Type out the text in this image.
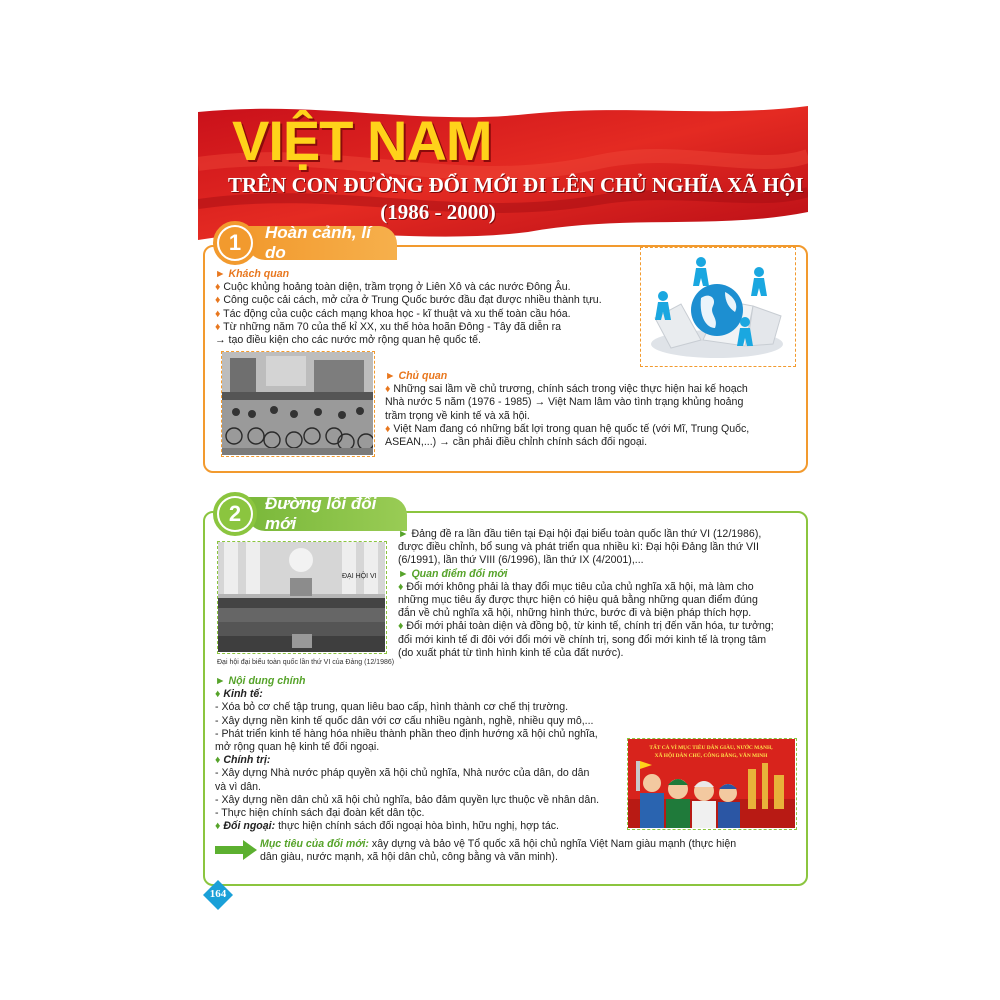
VIỆT NAM
TRÊN CON ĐƯỜNG ĐỔI MỚI ĐI LÊN CHỦ NGHĨA XÃ HỘI
(1986 - 2000)
1	Hoàn cảnh, lí do
► Khách quan
♦ Cuộc khủng hoảng toàn diện, trầm trọng ở Liên Xô và các nước Đông Âu.
♦ Công cuộc cải cách, mở cửa ở Trung Quốc bước đầu đạt được nhiều thành tựu.
♦ Tác động của cuộc cách mạng khoa học - kĩ thuật và xu thế toàn cầu hóa.
♦ Từ những năm 70 của thế kỉ XX, xu thế hòa hoãn Đông - Tây đã diễn ra
→ tạo điều kiện cho các nước mở rộng quan hệ quốc tế.
► Chủ quan
♦ Những sai lầm về chủ trương, chính sách trong việc thực hiện hai kế hoạch
Nhà nước 5 năm (1976 - 1985) → Việt Nam lâm vào tình trạng khủng hoảng
trầm trọng về kinh tế và xã hội.
♦ Việt Nam đang có những bất lợi trong quan hệ quốc tế (với Mĩ, Trung Quốc,
ASEAN,...) → cần phải điều chỉnh chính sách đối ngoại.
2	Đường lối đổi mới
ĐẠI HỘI VI
Đại hội đại biểu toàn quốc lần thứ VI của Đảng (12/1986)
► Đảng đề ra lần đầu tiên tại Đại hội đại biểu toàn quốc lần thứ VI (12/1986),
được điều chỉnh, bổ sung và phát triển qua nhiều kì: Đại hội Đảng lần thứ VII
(6/1991), lần thứ VIII (6/1996), lần thứ IX (4/2001),...
► Quan điểm đổi mới
♦ Đổi mới không phải là thay đổi mục tiêu của chủ nghĩa xã hội, mà làm cho
những mục tiêu ấy được thực hiện có hiệu quả bằng những quan điểm đúng
đắn về chủ nghĩa xã hội, những hình thức, bước đi và biện pháp thích hợp.
♦ Đổi mới phải toàn diện và đồng bộ, từ kinh tế, chính trị đến văn hóa, tư tưởng;
đổi mới kinh tế đi đôi với đổi mới về chính trị, song đổi mới kinh tế là trọng tâm
(do xuất phát từ tình hình kinh tế của đất nước).
► Nội dung chính
♦ Kinh tế:
- Xóa bỏ cơ chế tập trung, quan liêu bao cấp, hình thành cơ chế thị trường.
- Xây dựng nền kinh tế quốc dân với cơ cấu nhiều ngành, nghề, nhiều quy mô,...
- Phát triển kinh tế hàng hóa nhiều thành phần theo định hướng xã hội chủ nghĩa,
mở rộng quan hệ kinh tế đối ngoại.
♦ Chính trị:
- Xây dựng Nhà nước pháp quyền xã hội chủ nghĩa, Nhà nước của dân, do dân
và vì dân.
- Xây dựng nền dân chủ xã hội chủ nghĩa, bảo đảm quyền lực thuộc về nhân dân.
- Thực hiện chính sách đại đoàn kết dân tộc.
♦ Đối ngoại: thực hiện chính sách đối ngoại hòa bình, hữu nghị, hợp tác.
TẤT CẢ VÌ MỤC TIÊU DÂN GIÀU, NƯỚC MẠNH,
XÃ HỘI DÂN CHỦ, CÔNG BẰNG, VĂN MINH
Mục tiêu của đổi mới: xây dựng và bảo vệ Tổ quốc xã hội chủ nghĩa Việt Nam giàu mạnh (thực hiện
dân giàu, nước mạnh, xã hội dân chủ, công bằng và văn minh).
164
